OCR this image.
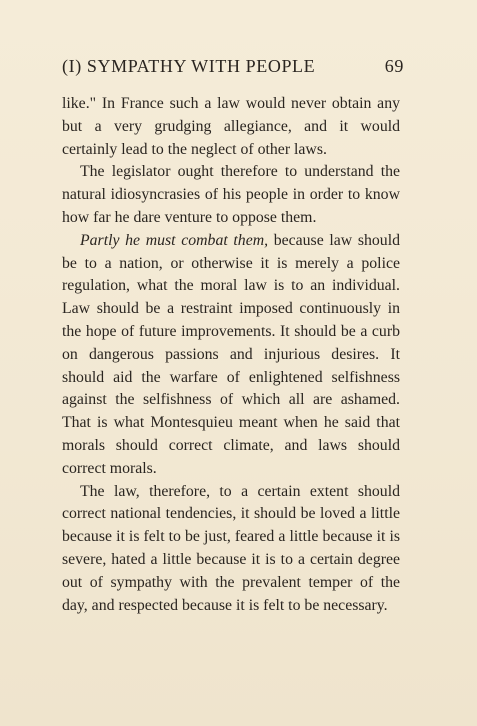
(I) SYMPATHY WITH PEOPLE	69

like." In France such a law would never obtain any but a very grudging allegiance, and it would certainly lead to the neglect of other laws.

The legislator ought therefore to understand the natural idiosyncrasies of his people in order to know how far he dare venture to oppose them.

Partly he must combat them, because law should be to a nation, or otherwise it is merely a police regulation, what the moral law is to an individual. Law should be a restraint imposed continuously in the hope of future improvements. It should be a curb on dangerous passions and injurious desires. It should aid the warfare of enlightened selfishness against the selfishness of which all are ashamed. That is what Montesquieu meant when he said that morals should correct climate, and laws should correct morals.

The law, therefore, to a certain extent should correct national tendencies, it should be loved a little because it is felt to be just, feared a little because it is severe, hated a little because it is to a certain degree out of sympathy with the prevalent temper of the day, and respected because it is felt to be necessary.
